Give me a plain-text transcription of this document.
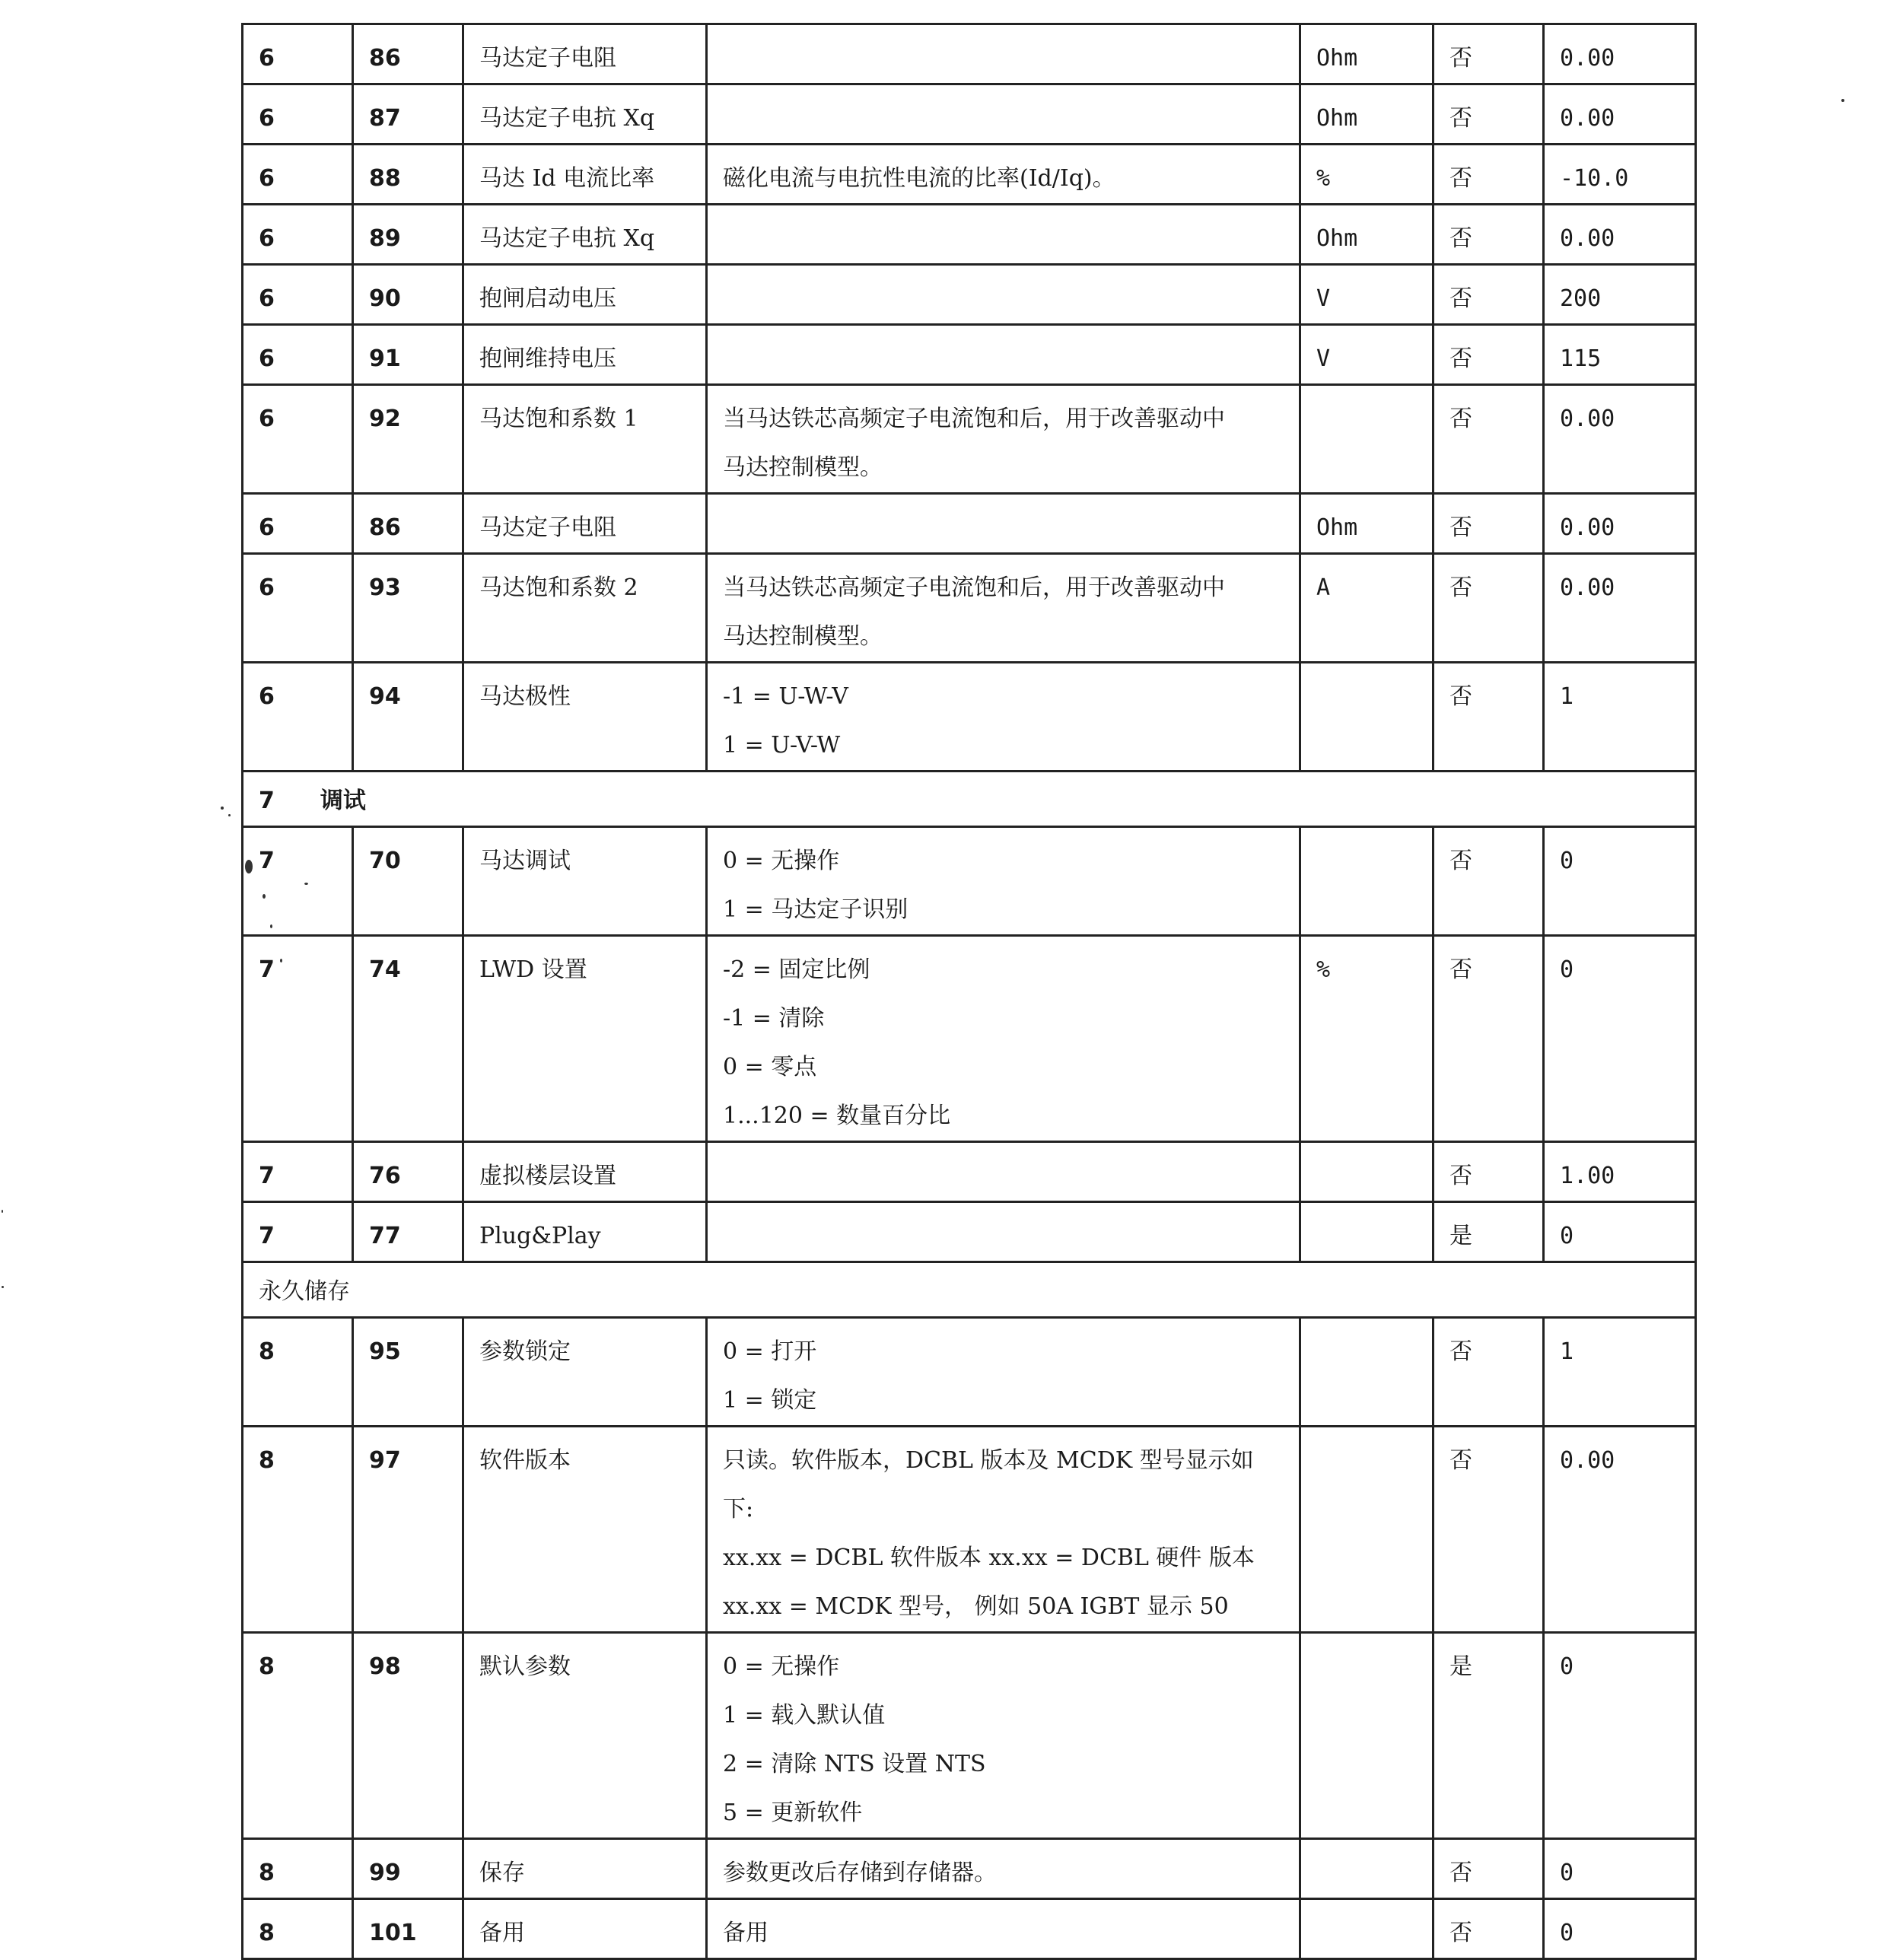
6	86	马达定子电阻		Ohm	否	0.00
6	87	马达定子电抗 Xq		Ohm	否	0.00
6	88	马达 Id 电流比率	磁化电流与电抗性电流的比率(Id/Iq)。	%	否	-10.0
6	89	马达定子电抗 Xq		Ohm	否	0.00
6	90	抱闸启动电压		V	否	200
6	91	抱闸维持电压		V	否	115
6	92	马达饱和系数 1	当马达铁芯高频定子电流饱和后，用于改善驱动中
马达控制模型。		否	0.00
6	86	马达定子电阻		Ohm	否	0.00
6	93	马达饱和系数 2	当马达铁芯高频定子电流饱和后，用于改善驱动中
马达控制模型。	A	否	0.00
6	94	马达极性	-1 = U-W-V
1 = U-V-W		否	1
7 调试						
7	70	马达调试	0 = 无操作
1 = 马达定子识别		否	0
7	74	LWD 设置	-2 = 固定比例
-1 = 清除
0 = 零点
1...120 = 数量百分比	%	否	0
7	76	虚拟楼层设置			否	1.00
7	77	Plug&Play			是	0
永久储存						
8	95	参数锁定	0 = 打开
1 = 锁定		否	1
8	97	软件版本	只读。软件版本，DCBL 版本及 MCDK 型号显示如下:
xx.xx = DCBL 软件版本 xx.xx = DCBL 硬件 版本
xx.xx = MCDK 型号， 例如 50A IGBT 显示 50		否	0.00
8	98	默认参数	0 = 无操作
1 = 载入默认值
2 = 清除 NTS 设置 NTS
5 = 更新软件		是	0
8	99	保存	参数更改后存储到存储器。		否	0
8	101	备用	备用		否	0
